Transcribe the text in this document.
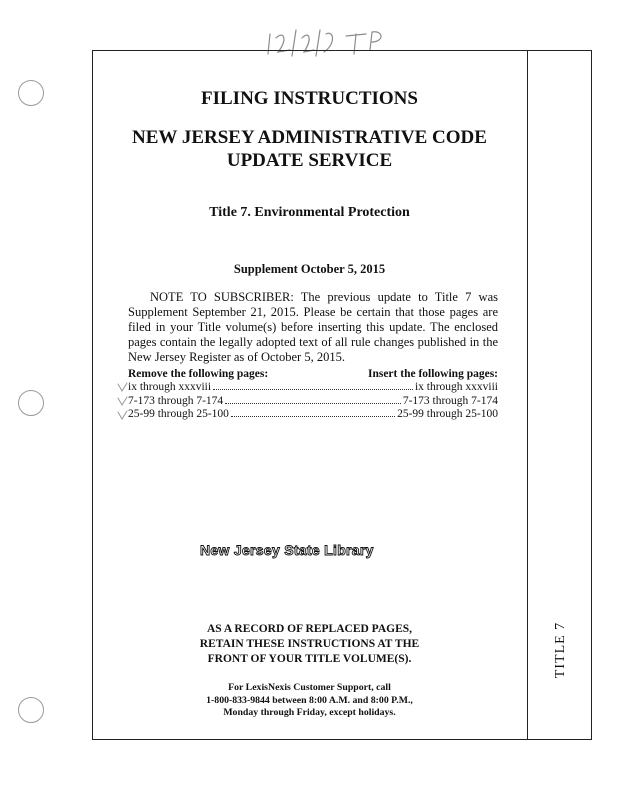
TITLE 7
FILING INSTRUCTIONS
NEW JERSEY ADMINISTRATIVE CODE
UPDATE SERVICE
Title 7. Environmental Protection
Supplement October 5, 2015
NOTE TO SUBSCRIBER: The previous update to Title 7 was Supplement September 21, 2015. Please be certain that those pages are filed in your Title volume(s) before inserting this update. The enclosed pages contain the legally adopted text of all rule changes published in the New Jersey Register as of October 5, 2015.
Remove the following pages:	Insert the following pages:
ix through xxxviii	ix through xxxviii
7-173 through 7-174	7-173 through 7-174
25-99 through 25-100	25-99 through 25-100
New Jersey State Library
AS A RECORD OF REPLACED PAGES,
RETAIN THESE INSTRUCTIONS AT THE
FRONT OF YOUR TITLE VOLUME(S).
For LexisNexis Customer Support, call
1-800-833-9844 between 8:00 A.M. and 8:00 P.M.,
Monday through Friday, except holidays.
